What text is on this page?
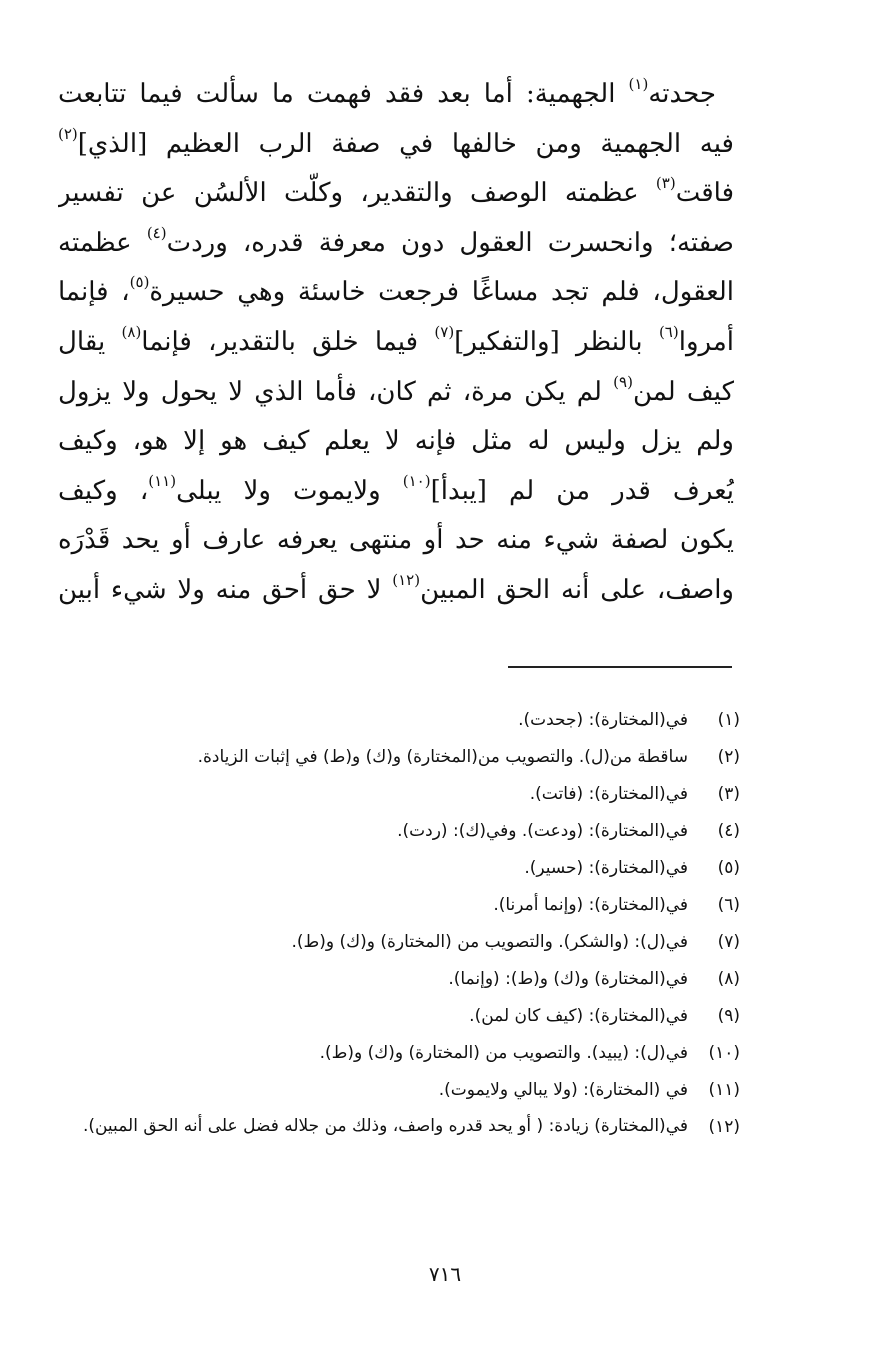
جحدته$^{(١)}$ الجهمية: أما بعد فقد فهمت ما سألت فيما تتابعت
فيه الجهمية ومن خالفها في صفة الرب العظيم [الذي]$^{(٢)}$
فاقت$^{(٣)}$ عظمته الوصف والتقدير، وكلّت الألسُن عن تفسير
صفته؛ وانحسرت العقول دون معرفة قدره، وردت$^{(٤)}$ عظمته
العقول، فلم تجد مساغًا فرجعت خاسئة وهي حسيرة$^{(٥)}$، فإنما
أمروا$^{(٦)}$ بالنظر [والتفكير]$^{(٧)}$ فيما خلق بالتقدير، فإنما$^{(٨)}$ يقال
كيف لمن$^{(٩)}$ لم يكن مرة، ثم كان، فأما الذي لا يحول ولا يزول
ولم يزل وليس له مثل فإنه لا يعلم كيف هو إلا هو، وكيف
يُعرف قدر من لم [يبدأ]$^{(١٠)}$ ولايموت ولا يبلى$^{(١١)}$، وكيف
يكون لصفة شيء منه حد أو منتهى يعرفه عارف أو يحد قَدْرَه
واصف، على أنه الحق المبين$^{(١٢)}$ لا حق أحق منه ولا شيء أبين
(١)
في(المختارة): (جحدت).
(٢)
ساقطة من(ل). والتصويب من(المختارة) و(ك) و(ط) في إثبات الزيادة.
(٣)
في(المختارة): (فاتت).
(٤)
في(المختارة): (ودعت). وفي(ك): (ردت).
(٥)
في(المختارة): (حسير).
(٦)
في(المختارة): (وإنما أمرنا).
(٧)
في(ل): (والشكر). والتصويب من (المختارة) و(ك) و(ط).
(٨)
في(المختارة) و(ك) و(ط): (وإنما).
(٩)
في(المختارة): (كيف كان لمن).
(١٠)
في(ل): (يبيد). والتصويب من (المختارة) و(ك) و(ط).
(١١)
في (المختارة): (ولا يبالي ولايموت).
(١٢)
في(المختارة) زيادة: ( أو يحد قدره واصف، وذلك من جلاله فضل على أنه الحق المبين).
٧١٦
